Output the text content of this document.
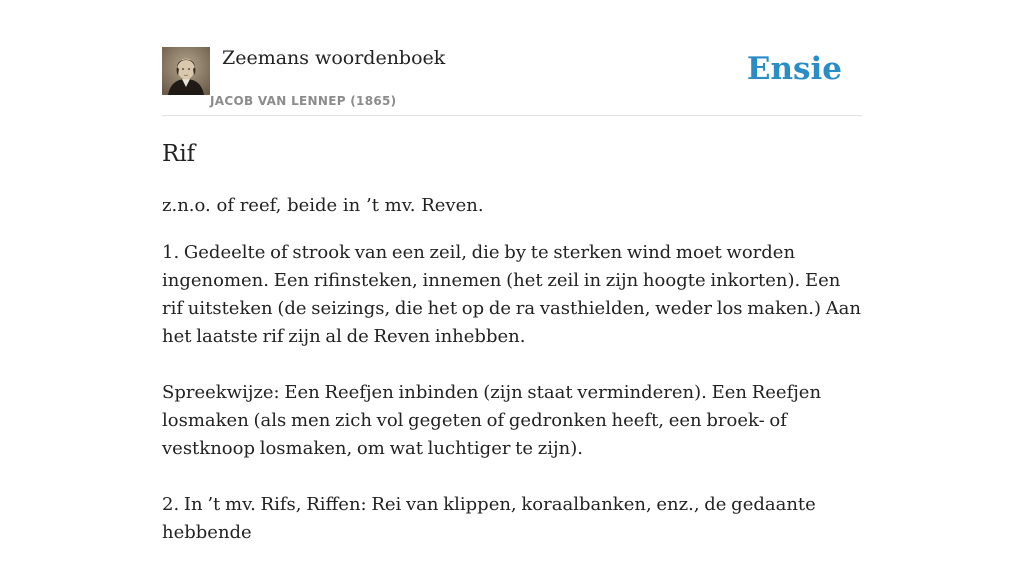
Zeemans woordenboek
JACOB VAN LENNEP (1865)
Ensie
Rif

z.n.o. of reef, beide in ’t mv. Reven.

1. Gedeelte of strook van een zeil, die by te sterken wind moet worden ingenomen. Een rifinsteken, innemen (het zeil in zijn hoogte inkorten). Een rif uitsteken (de seizings, die het op de ra vasthielden, weder los maken.) Aan het laatste rif zijn al de Reven inhebben.

Spreekwijze: Een Reefjen inbinden (zijn staat verminderen). Een Reefjen losmaken (als men zich vol gegeten of gedronken heeft, een broek- of vestknoop losmaken, om wat luchtiger te zijn).

2. In ’t mv. Rifs, Riffen: Rei van klippen, koraalbanken, enz., de gedaante hebbende
